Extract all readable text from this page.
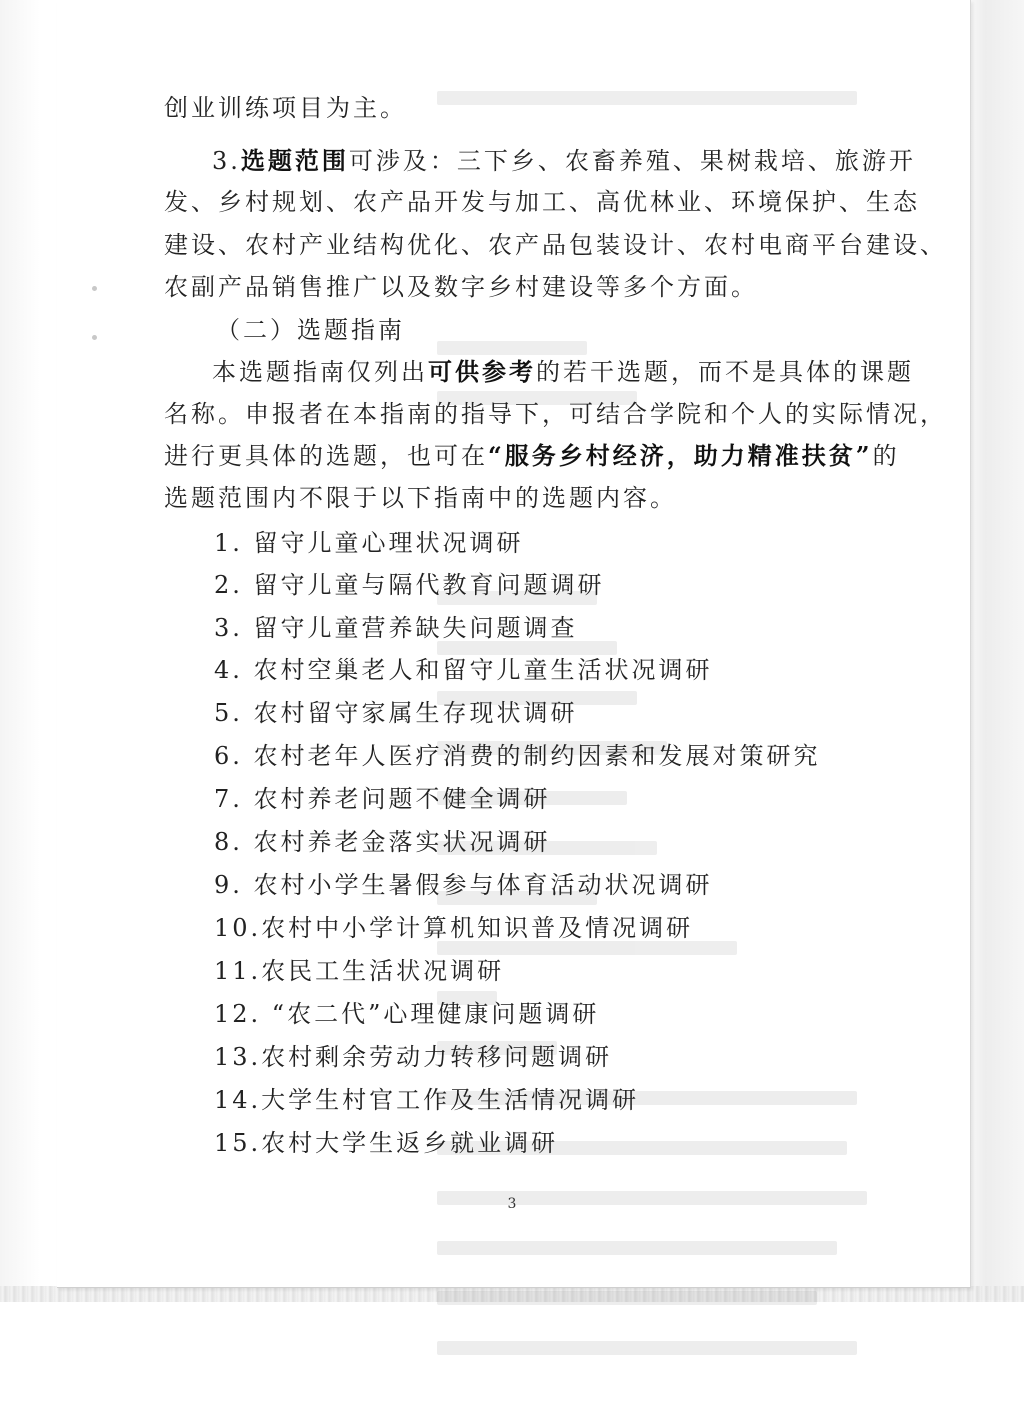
创业训练项目为主。
3.选题范围可涉及：三下乡、农畜养殖、果树栽培、旅游开
发、乡村规划、农产品开发与加工、高优林业、环境保护、生态
建设、农村产业结构优化、农产品包装设计、农村电商平台建设、
农副产品销售推广以及数字乡村建设等多个方面。
（二）选题指南
本选题指南仅列出可供参考的若干选题，而不是具体的课题
名称。申报者在本指南的指导下，可结合学院和个人的实际情况，
进行更具体的选题，也可在“服务乡村经济，助力精准扶贫”的
选题范围内不限于以下指南中的选题内容。
1. 留守儿童心理状况调研
2. 留守儿童与隔代教育问题调研
3. 留守儿童营养缺失问题调查
4. 农村空巢老人和留守儿童生活状况调研
5. 农村留守家属生存现状调研
6. 农村老年人医疗消费的制约因素和发展对策研究
7. 农村养老问题不健全调研
8. 农村养老金落实状况调研
9. 农村小学生暑假参与体育活动状况调研
10.农村中小学计算机知识普及情况调研
11.农民工生活状况调研
12. “农二代”心理健康问题调研
13.农村剩余劳动力转移问题调研
14.大学生村官工作及生活情况调研
15.农村大学生返乡就业调研
3
